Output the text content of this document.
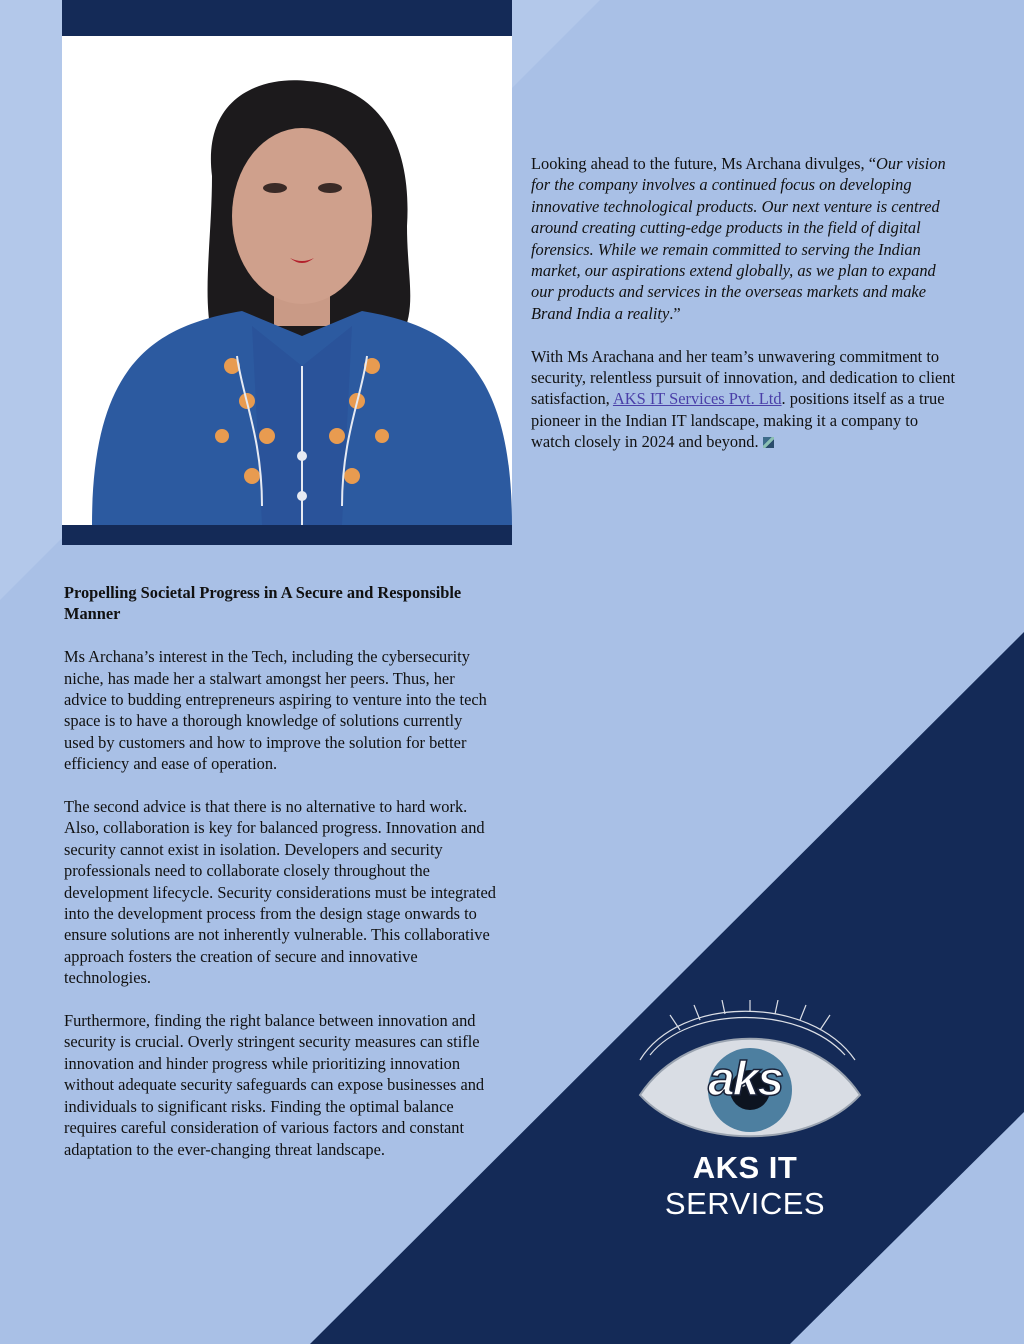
Looking ahead to the future, Ms Archana divulges, “Our vision for the company involves a continued focus on developing innovative technological products. Our next venture is centred around creating cutting-edge products in the field of digital forensics. While we remain committed to serving the Indian market, our aspirations extend globally, as we plan to expand our products and services in the overseas markets and make Brand India a reality.”

With Ms Arachana and her team’s unwavering commitment to security, relentless pursuit of innovation, and dedication to client satisfaction, AKS IT Services Pvt. Ltd. positions itself as a true pioneer in the Indian IT landscape, making it a company to watch closely in 2024 and beyond.

Propelling Societal Progress in A Secure and Responsible Manner

Ms Archana’s interest in the Tech, including the cybersecurity niche, has made her a stalwart amongst her peers. Thus, her advice to budding entrepreneurs aspiring to venture into the tech space is to have a thorough knowledge of solutions currently used by customers and how to improve the solution for better efficiency and ease of operation.

The second advice is that there is no alternative to hard work. Also, collaboration is key for balanced progress. Innovation and security cannot exist in isolation. Developers and security professionals need to collaborate closely throughout the development lifecycle. Security considerations must be integrated into the development process from the design stage onwards to ensure solutions are not inherently vulnerable. This collaborative approach fosters the creation of secure and innovative technologies.

Furthermore, finding the right balance between innovation and security is crucial. Overly stringent security measures can stifle innovation and hinder progress while prioritizing innovation without adequate security safeguards can expose businesses and individuals to significant risks. Finding the optimal balance requires careful consideration of various factors and constant adaptation to the ever-changing threat landscape.

aks
AKS IT SERVICES
